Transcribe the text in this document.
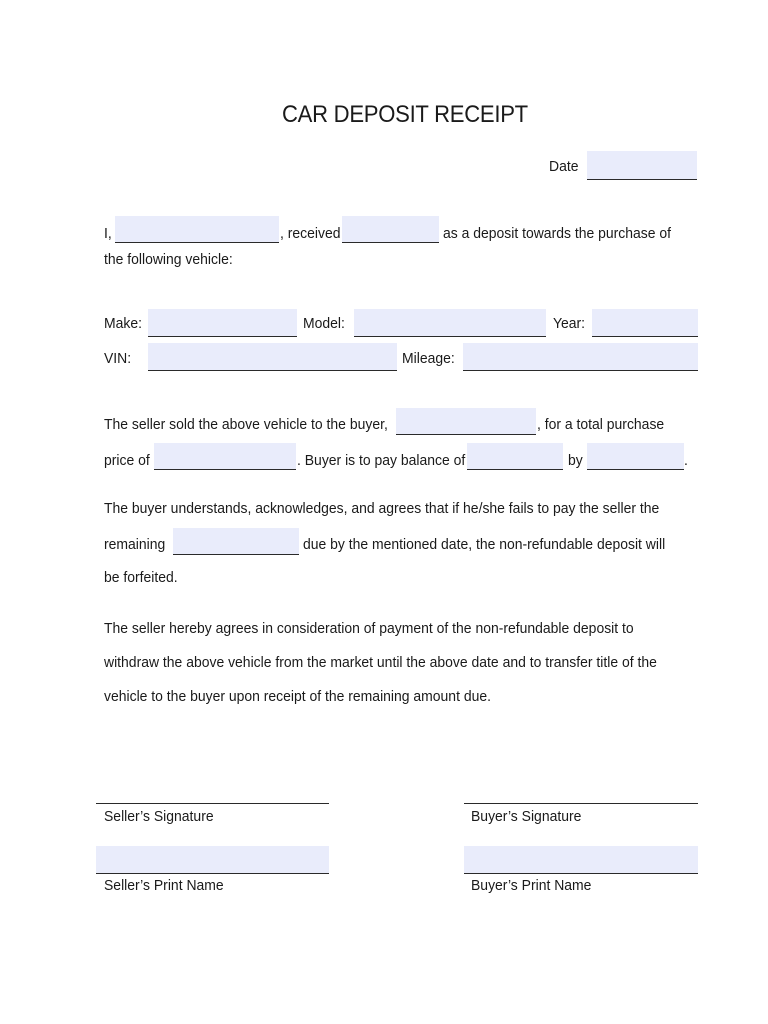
CAR DEPOSIT RECEIPT
Date
I,	, received	as a deposit towards the purchase of
the following vehicle:
Make:	Model:	Year:
VIN:	Mileage:
The seller sold the above vehicle to the buyer,	, for a total purchase
price of	. Buyer is to pay balance of	by	.
The buyer understands, acknowledges, and agrees that if he/she fails to pay the seller the
remaining	due by the mentioned date, the non-refundable deposit will
be forfeited.
The seller hereby agrees in consideration of payment of the non-refundable deposit to
withdraw the above vehicle from the market until the above date and to transfer title of the
vehicle to the buyer upon receipt of the remaining amount due.
Seller’s Signature	Buyer’s Signature
Seller’s Print Name	Buyer’s Print Name
